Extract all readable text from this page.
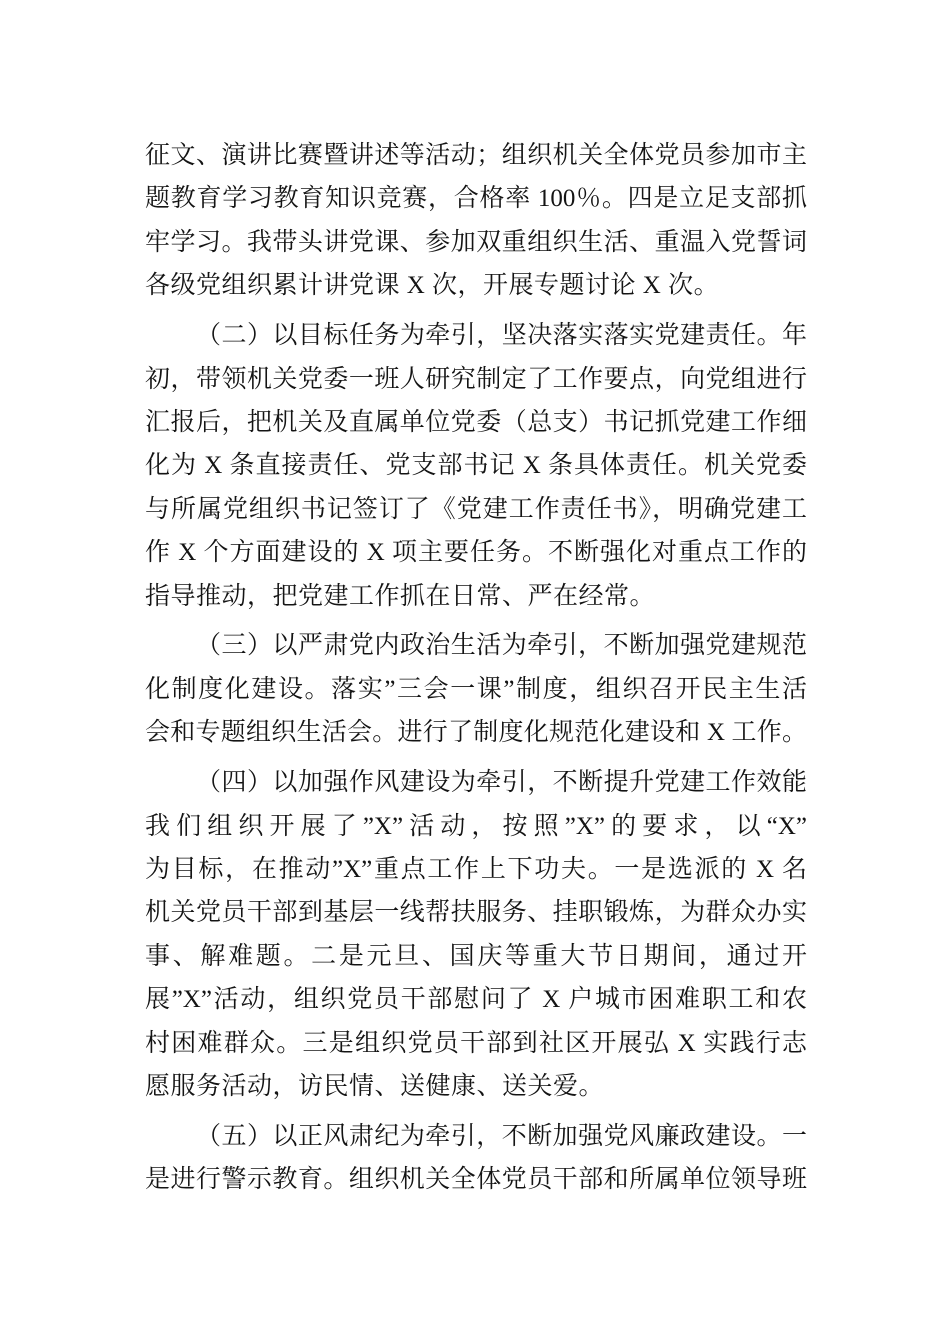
征文、演讲比赛暨讲述等活动；组织机关全体党员参加市主
题教育学习教育知识竞赛，合格率 100％。四是立足支部抓
牢学习。我带头讲党课、参加双重组织生活、重温入党誓词
各级党组织累计讲党课 X 次，开展专题讨论 X 次。
（二）以目标任务为牵引，坚决落实落实党建责任。年
初，带领机关党委一班人研究制定了工作要点，向党组进行
汇报后，把机关及直属单位党委（总支）书记抓党建工作细
化为 X 条直接责任、党支部书记 X 条具体责任。机关党委
与所属党组织书记签订了《党建工作责任书》，明确党建工
作 X 个方面建设的 X 项主要任务。不断强化对重点工作的
指导推动，把党建工作抓在日常、严在经常。
（三）以严肃党内政治生活为牵引，不断加强党建规范
化制度化建设。落实”三会一课”制度，组织召开民主生活
会和专题组织生活会。进行了制度化规范化建设和 X 工作。
（四）以加强作风建设为牵引，不断提升党建工作效能
我们组织开展了”X”活动，按照”X”的要求，以“X”
为目标，在推动”X”重点工作上下功夫。一是选派的 X 名
机关党员干部到基层一线帮扶服务、挂职锻炼，为群众办实
事、解难题。二是元旦、国庆等重大节日期间，通过开
展”X”活动，组织党员干部慰问了 X 户城市困难职工和农
村困难群众。三是组织党员干部到社区开展弘 X 实践行志
愿服务活动，访民情、送健康、送关爱。
（五）以正风肃纪为牵引，不断加强党风廉政建设。一
是进行警示教育。组织机关全体党员干部和所属单位领导班
